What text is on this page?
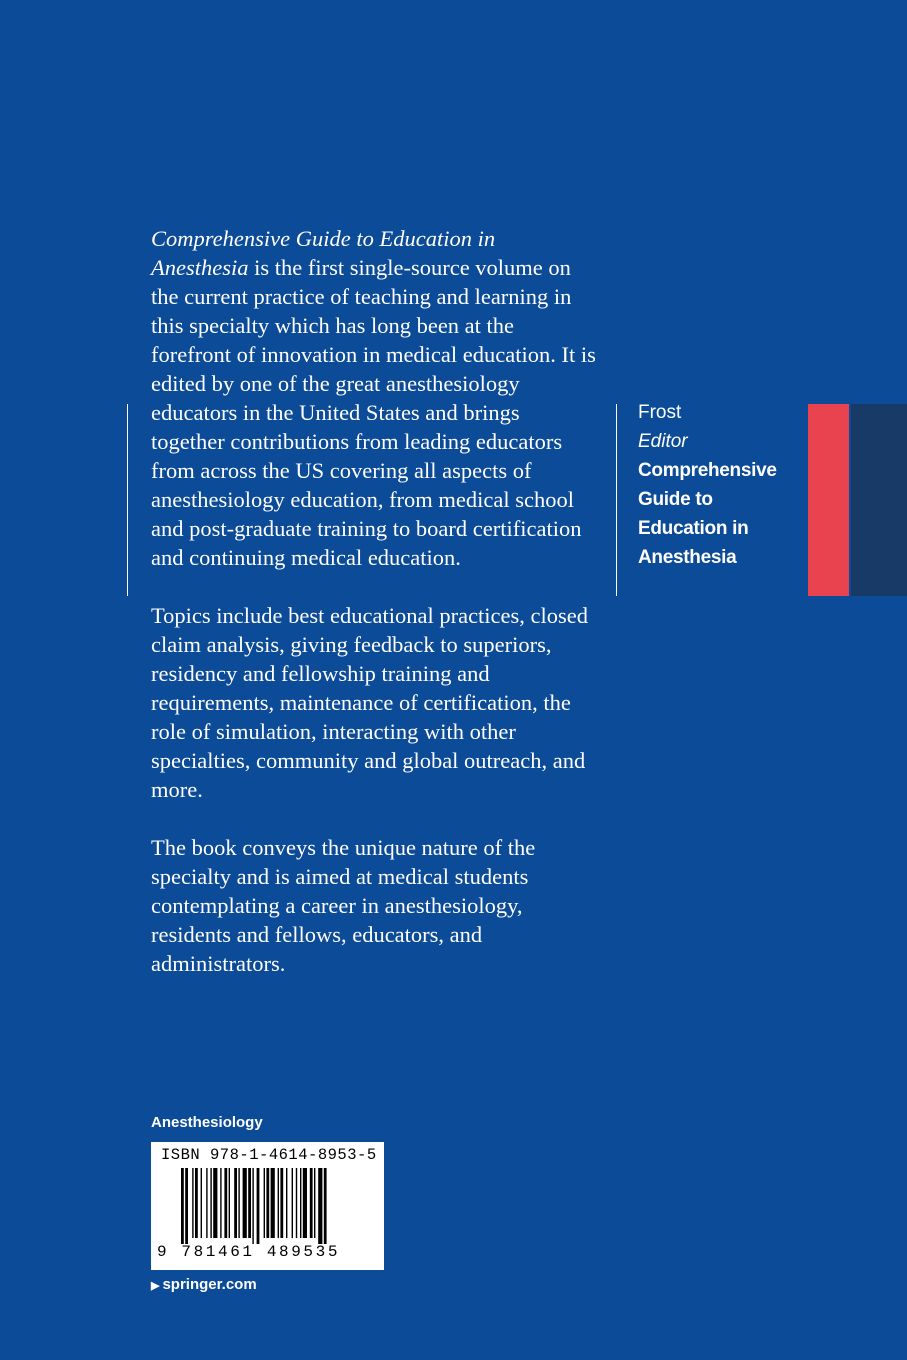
Comprehensive Guide to Education in Anesthesia is the first single-source volume on the current practice of teaching and learning in this specialty which has long been at the forefront of innovation in medical education. It is edited by one of the great anesthesiology educators in the United States and brings together contributions from leading educators from across the US covering all aspects of anesthesiology education, from medical school and post-graduate training to board certification and continuing medical education.

Topics include best educational practices, closed claim analysis, giving feedback to superiors, residency and fellowship training and requirements, maintenance of certification, the role of simulation, interacting with other specialties, community and global outreach, and more.

The book conveys the unique nature of the specialty and is aimed at medical students contemplating a career in anesthesiology, residents and fellows, educators, and administrators.

Frost
Editor
Comprehensive
Guide to
Education in
Anesthesia
Anesthesiology
ISBN 978-1-4614-8953-5
9 781461 489535
▶ springer.com
